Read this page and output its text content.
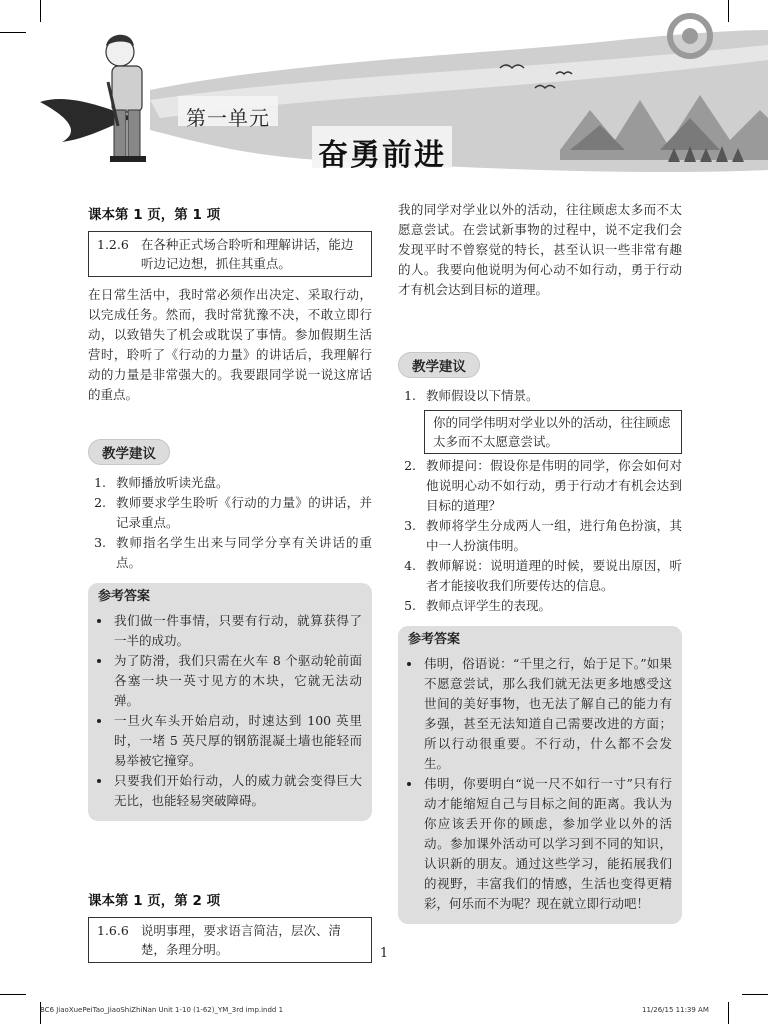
第一单元
奋勇前进

课本第 1 页，第 1 项

1.2.6 在各种正式场合聆听和理解讲话，能边听边记边想，抓住其重点。

在日常生活中，我时常必须作出决定、采取行动，以完成任务。然而，我时常犹豫不决，不敢立即行动，以致错失了机会或耽误了事情。参加假期生活营时，聆听了《行动的力量》的讲话后，我理解行动的力量是非常强大的。我要跟同学说一说这席话的重点。

教学建议
1. 教师播放听读光盘。
2. 教师要求学生聆听《行动的力量》的讲话，并记录重点。
3. 教师指名学生出来与同学分享有关讲话的重点。
参考答案
• 我们做一件事情，只要有行动，就算获得了一半的成功。
• 为了防滑，我们只需在火车 8 个驱动轮前面各塞一块一英寸见方的木块，它就无法动弹。
• 一旦火车头开始启动，时速达到 100 英里时，一堵 5 英尺厚的钢筋混凝土墙也能轻而易举被它撞穿。
• 只要我们开始行动，人的威力就会变得巨大无比，也能轻易突破障碍。

课本第 1 页，第 2 项

1.6.6 说明事理，要求语言简洁，层次、清楚，条理分明。

我的同学对学业以外的活动，往往顾虑太多而不太愿意尝试。在尝试新事物的过程中，说不定我们会发现平时不曾察觉的特长，甚至认识一些非常有趣的人。我要向他说明为何心动不如行动，勇于行动才有机会达到目标的道理。

教学建议
1. 教师假设以下情景。
你的同学伟明对学业以外的活动，往往顾虑太多而不太愿意尝试。
2. 教师提问：假设你是伟明的同学，你会如何对他说明心动不如行动，勇于行动才有机会达到目标的道理？
3. 教师将学生分成两人一组，进行角色扮演，其中一人扮演伟明。
4. 教师解说：说明道理的时候，要说出原因，听者才能接收我们所要传达的信息。
5. 教师点评学生的表现。
参考答案
• 伟明，俗语说：“千里之行，始于足下。”如果不愿意尝试，那么我们就无法更多地感受这世间的美好事物，也无法了解自己的能力有多强，甚至无法知道自己需要改进的方面；所以行动很重要。不行动，什么都不会发生。
• 伟明，你要明白“说一尺不如行一寸”只有行动才能缩短自己与目标之间的距离。我认为你应该丢开你的顾虑，参加学业以外的活动。参加课外活动可以学习到不同的知识，认识新的朋友。通过这些学习，能拓展我们的视野，丰富我们的情感，生活也变得更精彩，何乐而不为呢？现在就立即行动吧！
1
BC6 JiaoXuePeiTao_JiaoShiZhiNan Unit 1-10 (1-62)_YM_3rd imp.indd 1	11/26/15 11:39 AM
